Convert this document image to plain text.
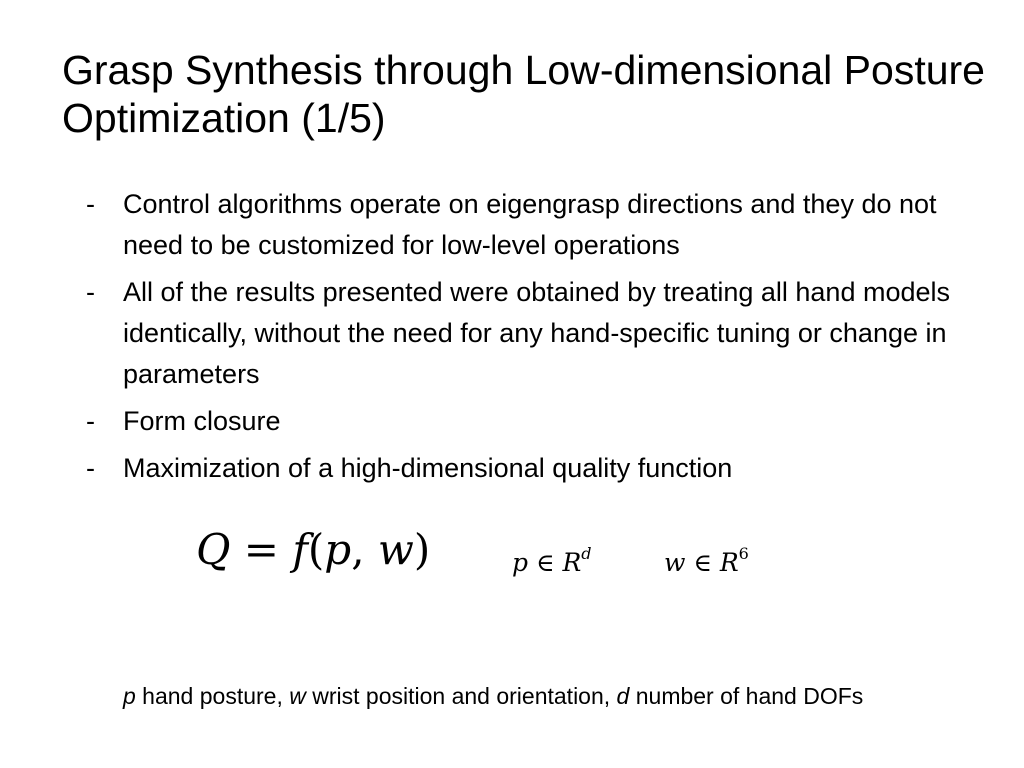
Grasp Synthesis through Low-dimensional Posture Optimization (1/5)
- Control algorithms operate on eigengrasp directions and they do not need to be customized for low-level operations
- All of the results presented were obtained by treating all hand models identically, without the need for any hand-specific tuning or change in parameters
- Form closure
- Maximization of a high-dimensional quality function
Q = f(p, w)	p ∈ $R^d$	w ∈ $R^6$
p hand posture, w wrist position and orientation, d number of hand DOFs
